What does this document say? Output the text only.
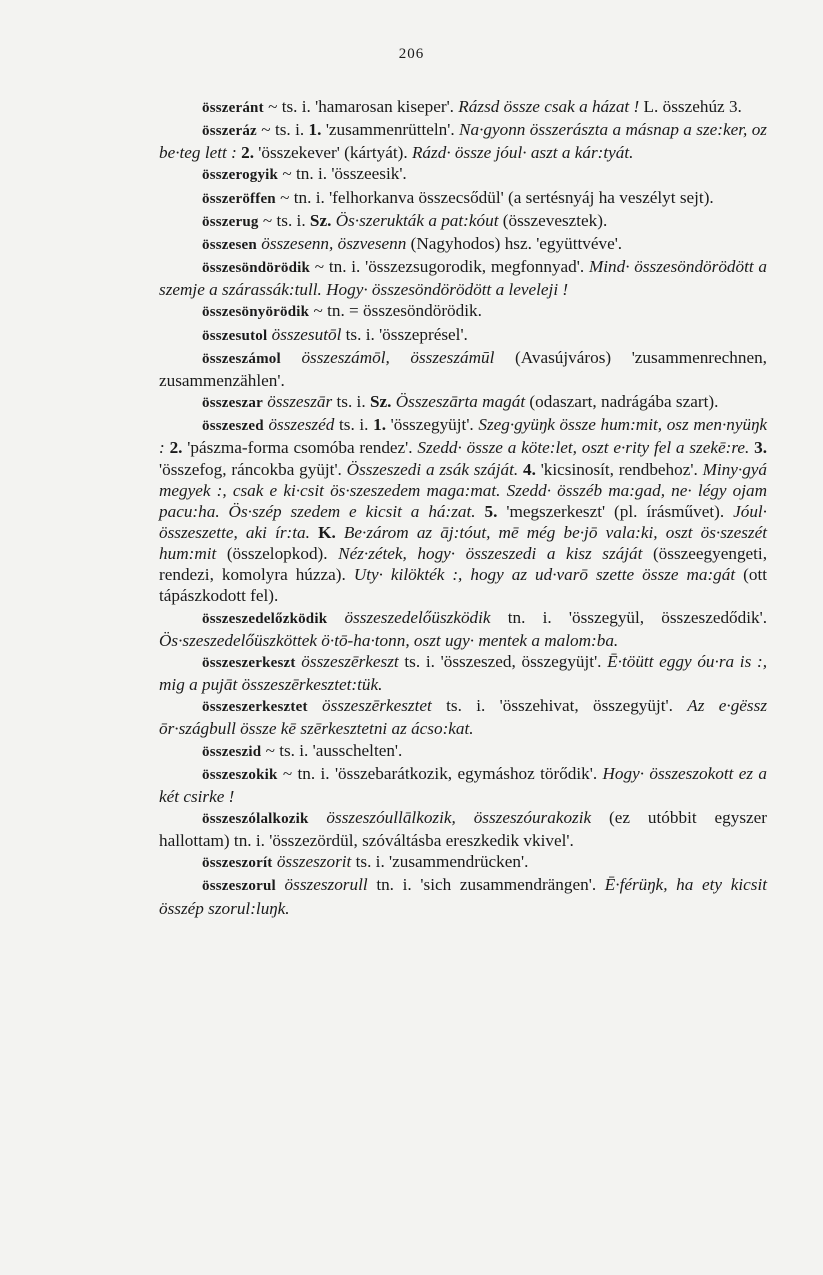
206

összeránt ~ ts. i. 'hamarosan kiseper'. Rázsd össze csak a házat ! L. összehúz 3.

összeráz ~ ts. i. 1. 'zusammenrütteln'. Na·gyonn összerászta a másnap a sze:ker, oz be·teg lett : 2. 'összekever' (kártyát). Rázd· össze jóul· aszt a kár:tyát.

összerogyik ~ tn. i. 'összeesik'.

összeröffen ~ tn. i. 'felhorkanva összecsődül' (a sertésnyáj ha veszélyt sejt).

összerug ~ ts. i. Sz. Ös·szerukták a pat:kóut (összevesztek).

összesen összesenn, öszvesenn (Nagyhodos) hsz. 'együttvéve'.

összesöndörödik ~ tn. i. 'összezsugorodik, megfonnyad'. Mind· összesöndörödött a szemje a szárassák:tull. Hogy· összesöndörödött a leveleji !

összesönyörödik ~ tn. = összesöndörödik.

összesutol összesutōl ts. i. 'összeprésel'.

összeszámol összeszámōl, összeszámūl (Avasújváros) 'zusammenrechnen, zusammenzählen'.

összeszar összeszār ts. i. Sz. Összeszārta magát (odaszart, nadrágába szart).

összeszed összeszéd ts. i. 1. 'összegyüjt'. Szeg·gyüŋk össze hum:mit, osz men·nyüŋk : 2. 'pászma-forma csomóba rendez'. Szedd· össze a köte:let, oszt e·rity fel a szekē:re. 3. 'összefog, ráncokba gyüjt'. Összeszedi a zsák száját. 4. 'kicsinosít, rendbehoz'. Miny·gyá megyek :, csak e ki·csit ös·szeszedem maga:mat. Szedd· összéb ma:gad, ne· légy ojam pacu:ha. Ös·szép szedem e kicsit a há:zat. 5. 'megszerkeszt' (pl. írásművet). Jóul· összeszette, aki ír:ta. K. Be·zárom az āj:tóut, mē még be·jō vala:ki, oszt ös·szeszét hum:mit (összelopkod). Néz·zétek, hogy· összeszedi a kisz száját (összeegyengeti, rendezi, komolyra húzza). Uty· kilökték :, hogy az ud·varō szette össze ma:gát (ott tápászkodott fel).

összeszedelőzködik összeszedelőüszködik tn. i. 'összegyül, összeszedődik'. Ös·szeszedelőüszköttek ö·tō-ha·tonn, oszt ugy· mentek a malom:ba.

összeszerkeszt összeszērkeszt ts. i. 'összeszed, összegyüjt'. Ē·töütt eggy óu·ra is :, mig a pujāt összeszērkesztet:tük.

összeszerkesztet összeszērkesztet ts. i. 'összehivat, összegyüjt'. Az e·gëssz ōr·szágbull össze kē szērkesztetni az ácso:kat.

összeszid ~ ts. i. 'ausschelten'.

összeszokik ~ tn. i. 'összebarátkozik, egymáshoz törődik'. Hogy· összeszokott ez a két csirke !

összeszólalkozik összeszóullālkozik, összeszóurakozik (ez utóbbit egyszer hallottam) tn. i. 'összezördül, szóváltásba ereszkedik vkivel'.

összeszorít összeszorit ts. i. 'zusammendrücken'.

összeszorul összeszorull tn. i. 'sich zusammendrängen'. Ē·férüŋk, ha ety kicsit összép szorul:luŋk.
